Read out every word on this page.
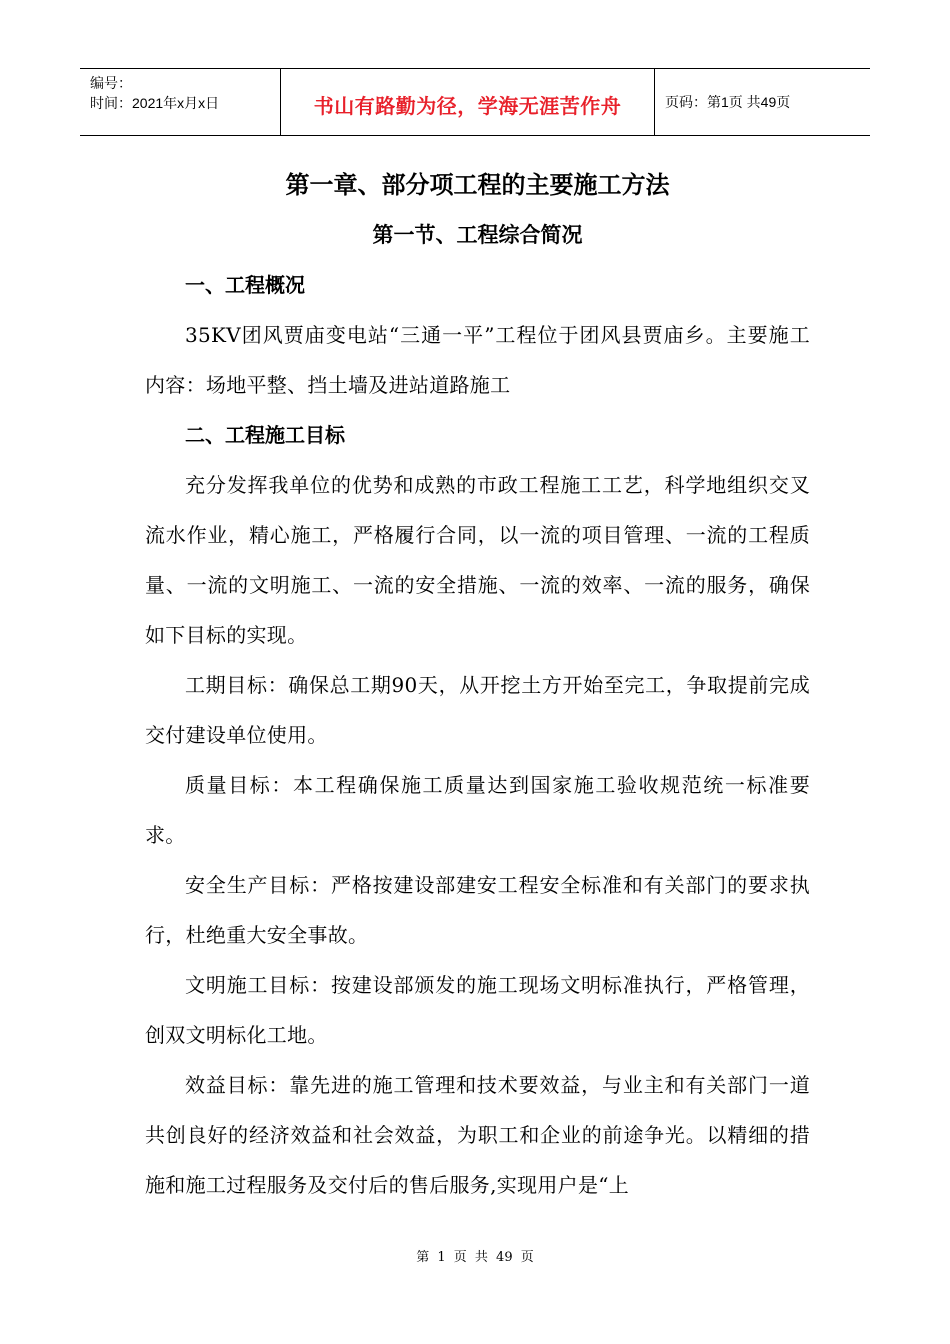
编号：
时间：2021年x月x日	书山有路勤为径，学海无涯苦作舟	页码：第1页 共49页
第一章、部分项工程的主要施工方法
第一节、工程综合简况

一、工程概况

35KV团风贾庙变电站“三通一平”工程位于团风县贾庙乡。主要施工内容：场地平整、挡土墙及进站道路施工

二、工程施工目标

充分发挥我单位的优势和成熟的市政工程施工工艺，科学地组织交叉流水作业，精心施工，严格履行合同，以一流的项目管理、一流的工程质量、一流的文明施工、一流的安全措施、一流的效率、一流的服务，确保如下目标的实现。

工期目标：确保总工期90天，从开挖土方开始至完工，争取提前完成交付建设单位使用。

质量目标：本工程确保施工质量达到国家施工验收规范统一标准要求。

安全生产目标：严格按建设部建安工程安全标准和有关部门的要求执行，杜绝重大安全事故。

文明施工目标：按建设部颁发的施工现场文明标准执行，严格管理，创双文明标化工地。

效益目标：靠先进的施工管理和技术要效益，与业主和有关部门一道共创良好的经济效益和社会效益，为职工和企业的前途争光。以精细的措施和施工过程服务及交付后的售后服务,实现用户是“上

第 1 页 共 49 页
